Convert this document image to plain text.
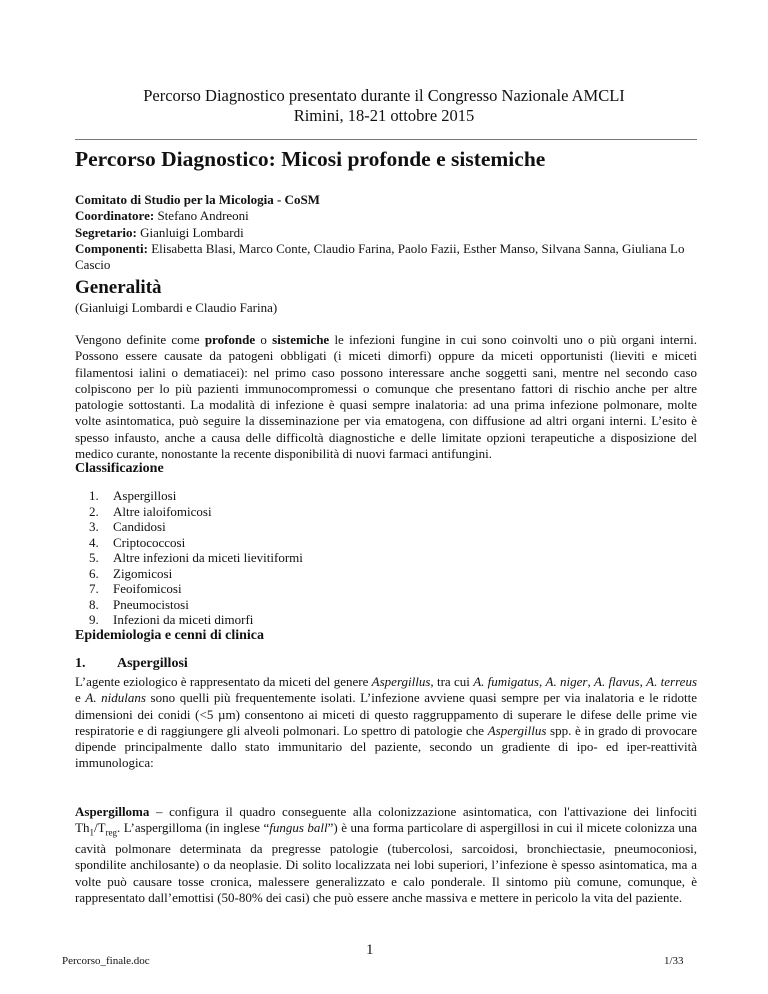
Percorso Diagnostico presentato durante il Congresso Nazionale AMCLI
Rimini, 18-21 ottobre 2015
Percorso Diagnostico: Micosi profonde e sistemiche
Comitato di Studio per la Micologia - CoSM
Coordinatore: Stefano Andreoni
Segretario: Gianluigi Lombardi
Componenti: Elisabetta Blasi, Marco Conte, Claudio Farina, Paolo Fazii, Esther Manso, Silvana Sanna, Giuliana Lo Cascio
Generalità
(Gianluigi Lombardi e Claudio Farina)
Vengono definite come profonde o sistemiche le infezioni fungine in cui sono coinvolti uno o più organi interni. Possono essere causate da patogeni obbligati (i miceti dimorfi) oppure da miceti opportunisti (lieviti e miceti filamentosi ialini o dematiacei): nel primo caso possono interessare anche soggetti sani, mentre nel secondo caso colpiscono per lo più pazienti immunocompromessi o comunque che presentano fattori di rischio anche per altre patologie sottostanti. La modalità di infezione è quasi sempre inalatoria: ad una prima infezione polmonare, molte volte asintomatica, può seguire la disseminazione per via ematogena, con diffusione ad altri organi interni. L’esito è spesso infausto, anche a causa delle difficoltà diagnostiche e delle limitate opzioni terapeutiche a disposizione del medico curante, nonostante la recente disponibilità di nuovi farmaci antifungini.
Classificazione
1.	Aspergillosi
2.	Altre ialoifomicosi
3.	Candidosi
4.	Criptococcosi
5.	Altre infezioni da miceti lievitiformi
6.	Zigomicosi
7.	Feoifomicosi
8.	Pneumocistosi
9.	Infezioni da miceti dimorfi
Epidemiologia e cenni di clinica
1.	Aspergillosi
L’agente eziologico è rappresentato da miceti del genere Aspergillus, tra cui A. fumigatus, A. niger, A. flavus, A. terreus e A. nidulans sono quelli più frequentemente isolati. L’infezione avviene quasi sempre per via inalatoria e le ridotte dimensioni dei conidi (<5 µm) consentono ai miceti di questo raggruppamento di superare le difese delle prime vie respiratorie e di raggiungere gli alveoli polmonari. Lo spettro di patologie che Aspergillus spp. è in grado di provocare dipende principalmente dallo stato immunitario del paziente, secondo un gradiente di ipo- ed iper-reattività immunologica:
Aspergilloma – configura il quadro conseguente alla colonizzazione asintomatica, con l'attivazione dei linfociti $Th_1/T_{reg}$. L’aspergilloma (in inglese “fungus ball”) è una forma particolare di aspergillosi in cui il micete colonizza una cavità polmonare determinata da pregresse patologie (tubercolosi, sarcoidosi, bronchiectasie, pneumoconiosi, spondilite anchilosante) o da neoplasie. Di solito localizzata nei lobi superiori, l’infezione è spesso asintomatica, ma a volte può causare tosse cronica, malessere generalizzato e calo ponderale. Il sintomo più comune, comunque, è rappresentato dall’emottisi (50-80% dei casi) che può essere anche massiva e mettere in pericolo la vita del paziente.
1
Percorso_finale.doc	1/33
